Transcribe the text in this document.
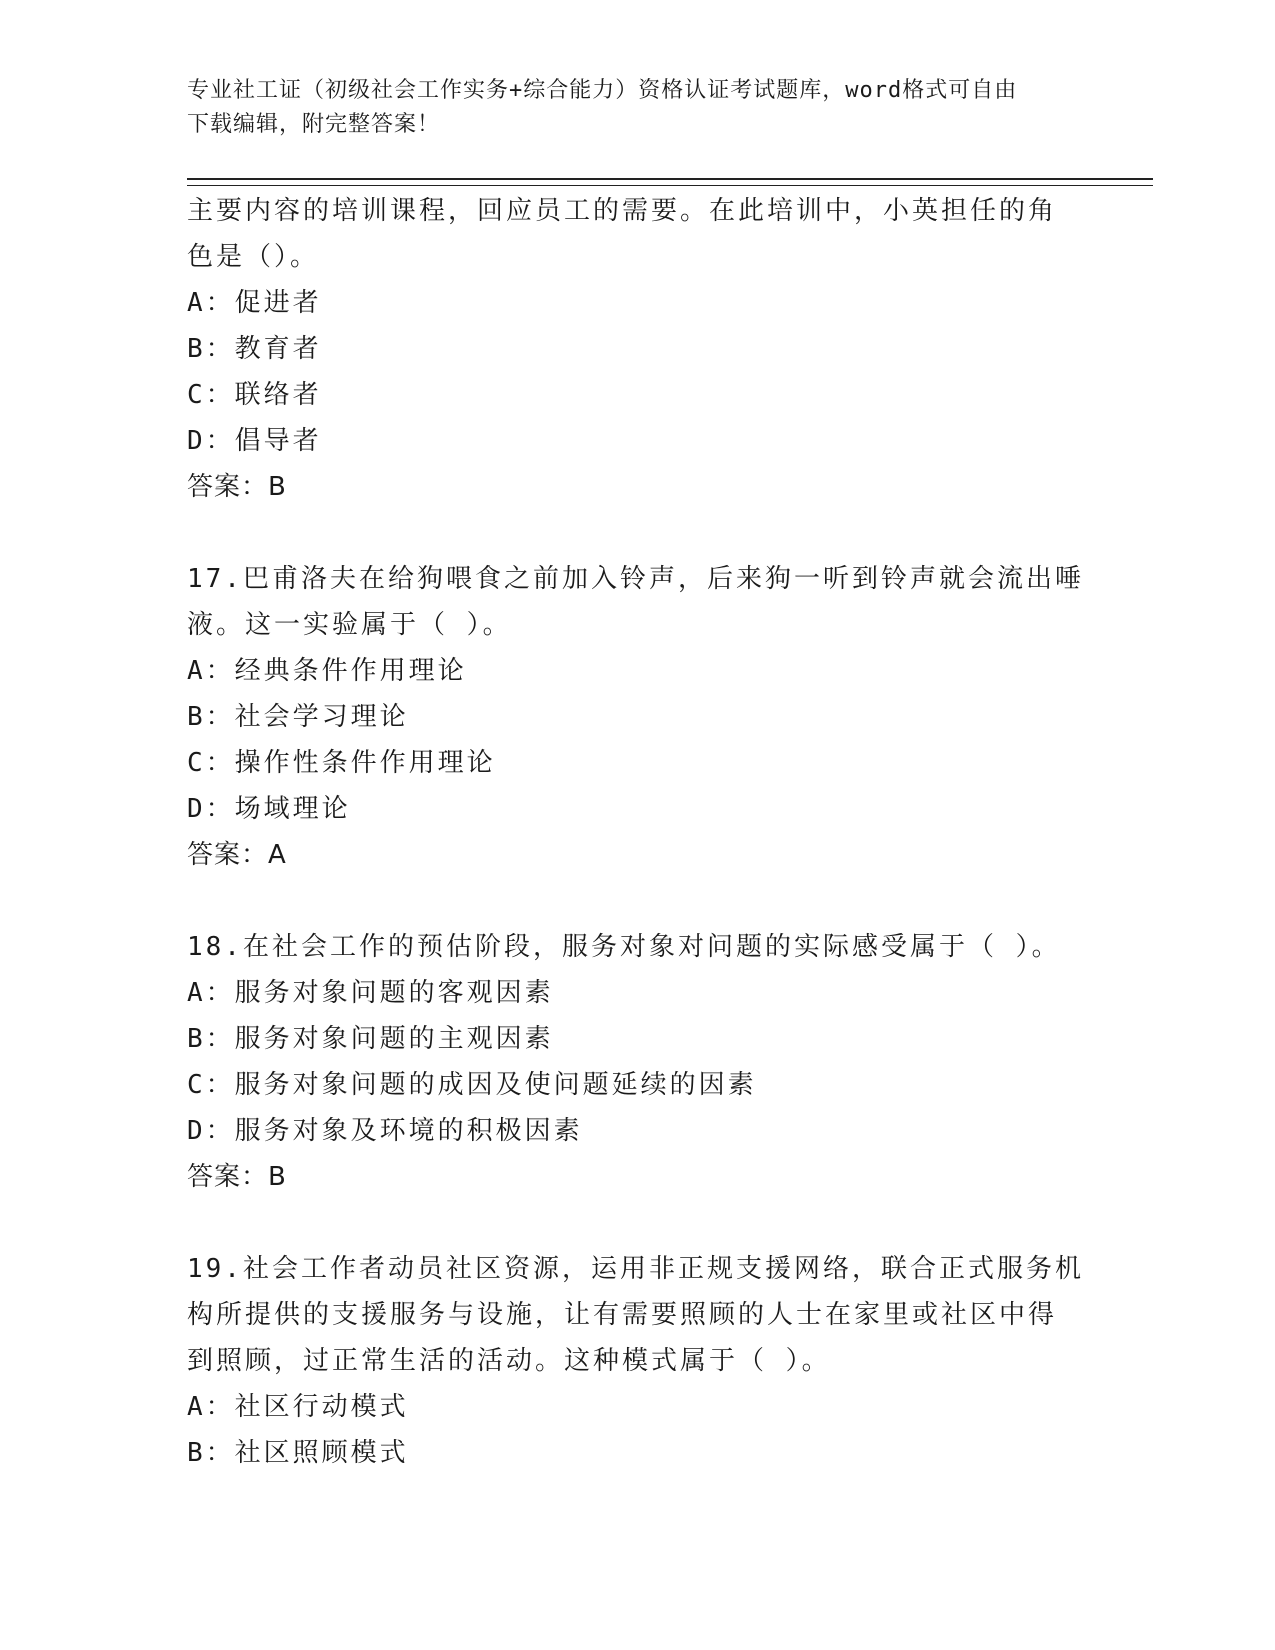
专业社工证（初级社会工作实务+综合能力）资格认证考试题库，word格式可自由
下载编辑，附完整答案！
主要内容的培训课程，回应员工的需要。在此培训中，小英担任的角
色是（）。
A：促进者
B：教育者
C：联络者
D：倡导者
答案：B
17.巴甫洛夫在给狗喂食之前加入铃声，后来狗一听到铃声就会流出唾
液。这一实验属于（ ）。
A：经典条件作用理论
B：社会学习理论
C：操作性条件作用理论
D：场域理论
答案：A
18.在社会工作的预估阶段，服务对象对问题的实际感受属于（ ）。
A：服务对象问题的客观因素
B：服务对象问题的主观因素
C：服务对象问题的成因及使问题延续的因素
D：服务对象及环境的积极因素
答案：B
19.社会工作者动员社区资源，运用非正规支援网络，联合正式服务机
构所提供的支援服务与设施，让有需要照顾的人士在家里或社区中得
到照顾，过正常生活的活动。这种模式属于（ ）。
A：社区行动模式
B：社区照顾模式
